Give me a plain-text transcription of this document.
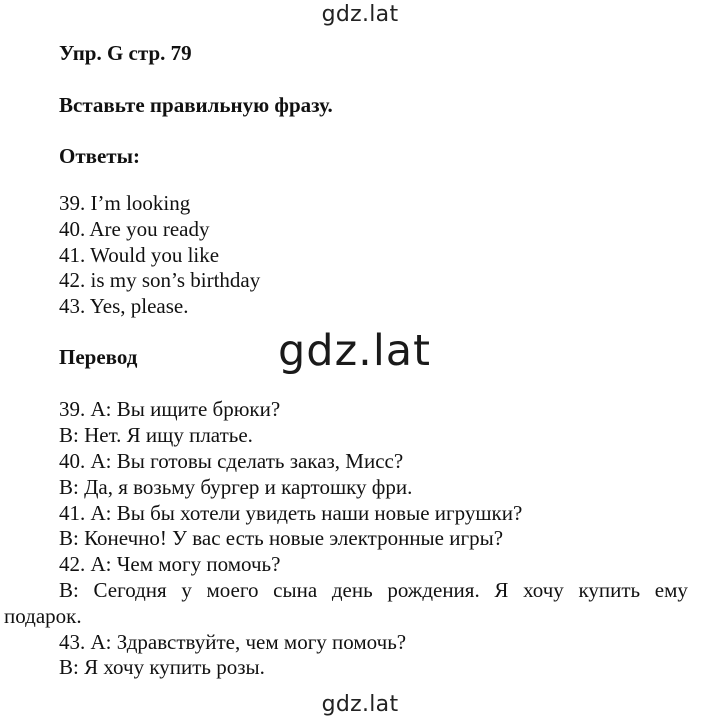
gdz.lat
Упр. G стр. 79
Вставьте правильную фразу.
Ответы:
39. I’m looking
40. Are you ready
41. Would you like
42. is my son’s birthday
43. Yes, please.
Перевод	gdz.lat
39. А: Вы ищите брюки?
В: Нет. Я ищу платье.
40. А: Вы готовы сделать заказ, Мисс?
В: Да, я возьму бургер и картошку фри.
41. А: Вы бы хотели увидеть наши новые игрушки?
В: Конечно! У вас есть новые электронные игры?
42. А: Чем могу помочь?
В: Сегодня у моего сына день рождения. Я хочу купить ему
подарок.
43. А: Здравствуйте, чем могу помочь?
В: Я хочу купить розы.
gdz.lat
